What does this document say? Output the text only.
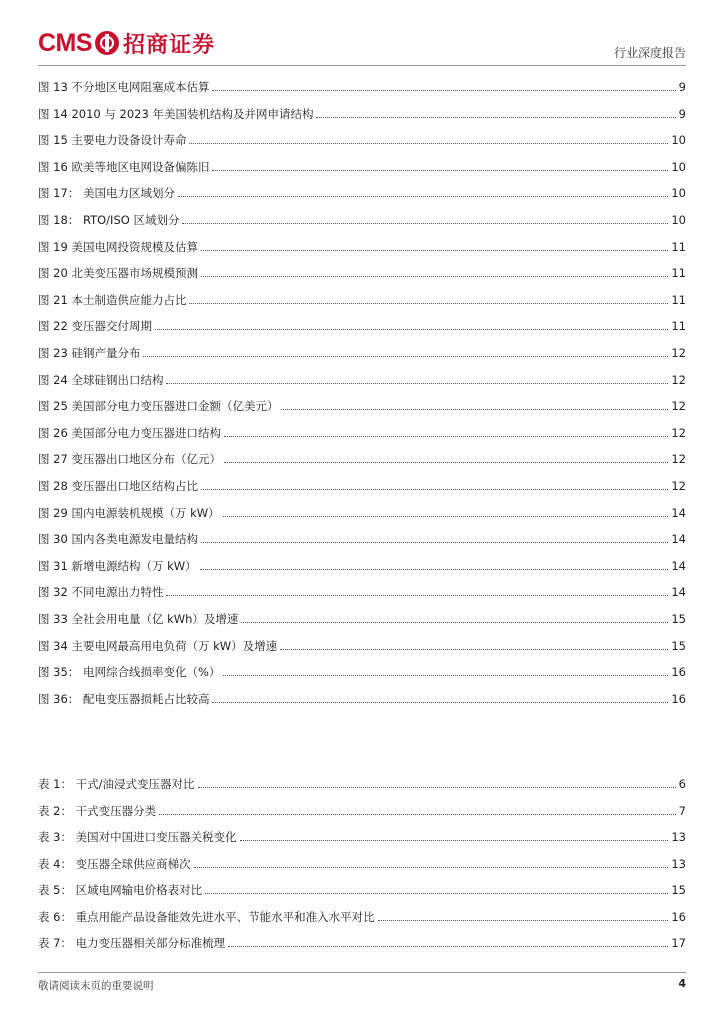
CMS 招商证券	行业深度报告
图 13 不分地区电网阻塞成本估算	9
图 14 2010 与 2023 年美国装机结构及并网申请结构	9
图 15 主要电力设备设计寿命	10
图 16 欧美等地区电网设备偏陈旧	10
图 17： 美国电力区域划分	10
图 18： RTO/ISO 区域划分	10
图 19 美国电网投资规模及估算	11
图 20 北美变压器市场规模预测	11
图 21 本土制造供应能力占比	11
图 22 变压器交付周期	11
图 23 硅钢产量分布	12
图 24 全球硅钢出口结构	12
图 25 美国部分电力变压器进口金额（亿美元）	12
图 26 美国部分电力变压器进口结构	12
图 27 变压器出口地区分布（亿元）	12
图 28 变压器出口地区结构占比	12
图 29 国内电源装机规模（万 kW）	14
图 30 国内各类电源发电量结构	14
图 31 新增电源结构（万 kW）	14
图 32 不同电源出力特性	14
图 33 全社会用电量（亿 kWh）及增速	15
图 34 主要电网最高用电负荷（万 kW）及增速	15
图 35： 电网综合线损率变化（%）	16
图 36： 配电变压器损耗占比较高	16
表 1： 干式/油浸式变压器对比	6
表 2： 干式变压器分类	7
表 3： 美国对中国进口变压器关税变化	13
表 4： 变压器全球供应商梯次	13
表 5： 区域电网输电价格表对比	15
表 6： 重点用能产品设备能效先进水平、节能水平和准入水平对比	16
表 7： 电力变压器相关部分标准梳理	17
敬请阅读末页的重要说明	4
